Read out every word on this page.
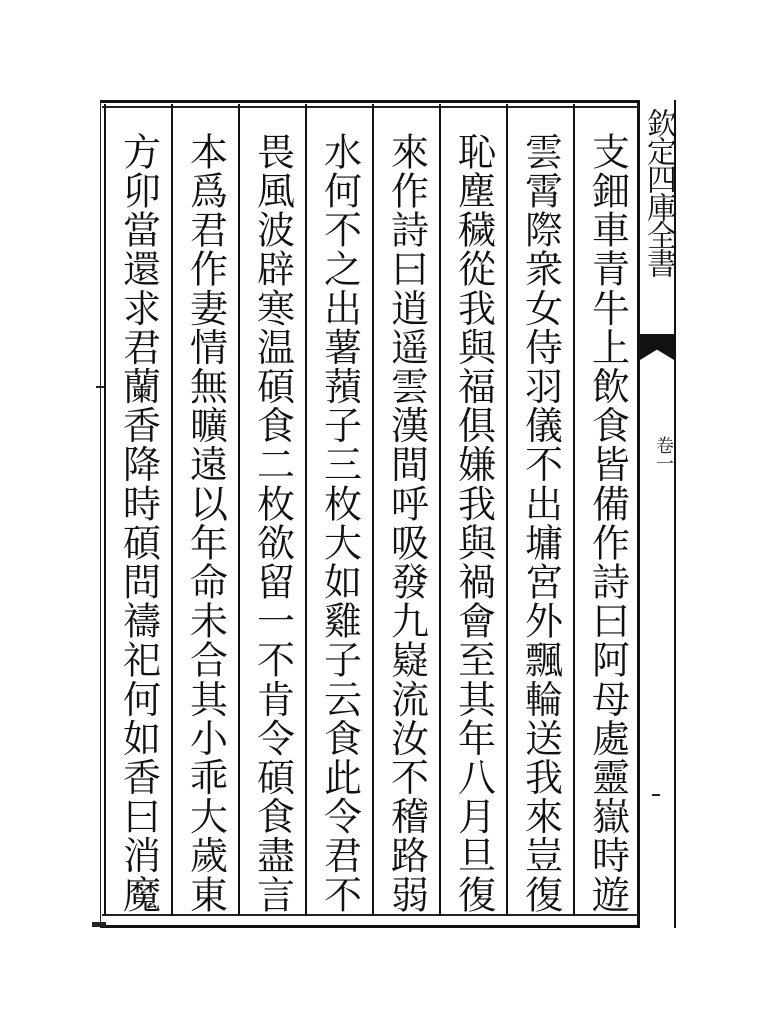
支鈿車青牛上飲食皆備作詩曰阿母處靈嶽時遊
雲霄際衆女侍羽儀不出墉宮外飄輪送我來豈復
恥塵穢從我與福俱嫌我與禍會至其年八月旦復
來作詩曰逍遥雲漢間呼吸發九嶷流汝不稽路弱
水何不之出薯蕷子三枚大如雞子云食此令君不
畏風波辟寒温碩食二枚欲留一不肯令碩食盡言
本爲君作妻情無曠遠以年命未合其小乖大歲東
方卯當還求君蘭香降時碩問禱祀何如香曰消魔	欽定四庫全書
卷一
